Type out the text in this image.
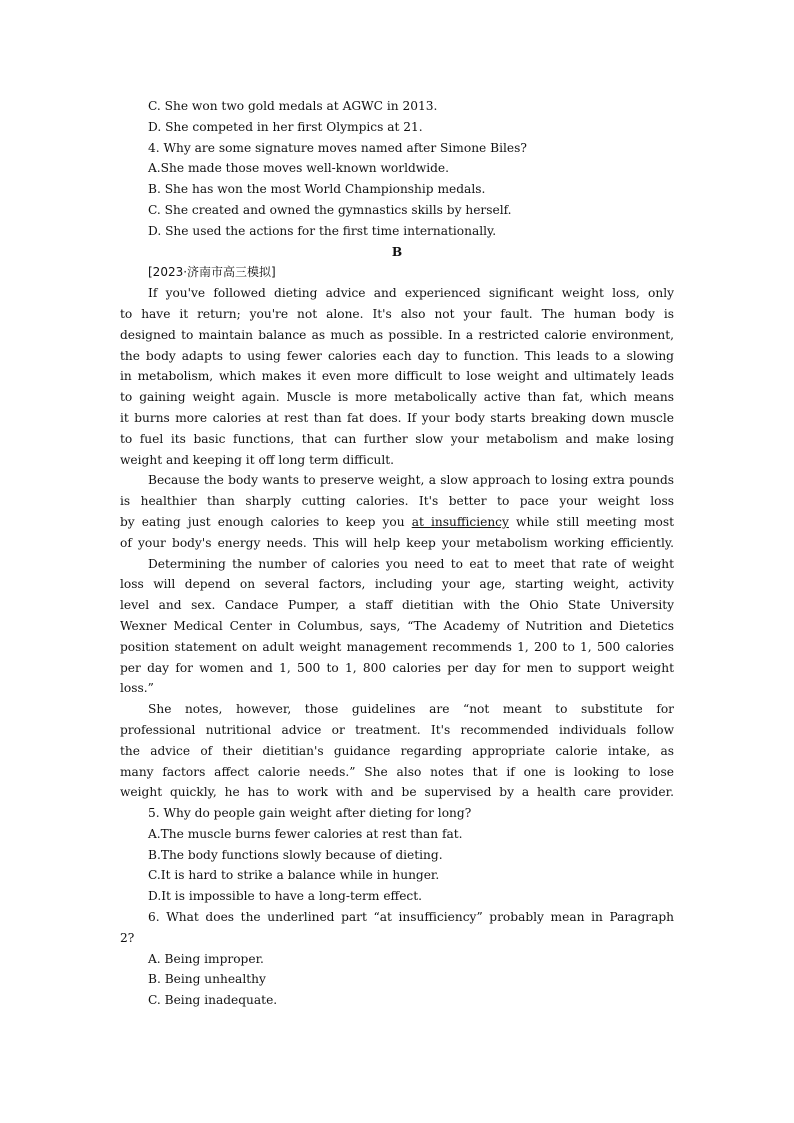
C. She won two gold medals at AGWC in 2013.
D. She competed in her first Olympics at 21.
4. Why are some signature moves named after Simone Biles?
A.She made those moves well-known worldwide.
B. She has won the most World Championship medals.
C. She created and owned the gymnastics skills by herself.
D. She used the actions for the first time internationally.
B
[2023·济南市高三模拟]
If you've followed dieting advice and experienced significant weight loss, only
to have it return; you're not alone. It's also not your fault. The human body is
designed to maintain balance as much as possible. In a restricted calorie environment,
the body adapts to using fewer calories each day to function. This leads to a slowing
in metabolism, which makes it even more difficult to lose weight and ultimately leads
to gaining weight again. Muscle is more metabolically active than fat, which means
it burns more calories at rest than fat does. If your body starts breaking down muscle
to fuel its basic functions, that can further slow your metabolism and make losing
weight and keeping it off long term difficult.
Because the body wants to preserve weight, a slow approach to losing extra pounds
is healthier than sharply cutting calories. It's better to pace your weight loss
by eating just enough calories to keep you at insufficiency while still meeting most
of your body's energy needs. This will help keep your metabolism working efficiently.
Determining the number of calories you need to eat to meet that rate of weight
loss will depend on several factors, including your age, starting weight, activity
level and sex. Candace Pumper, a staff dietitian with the Ohio State University
Wexner Medical Center in Columbus, says, “The Academy of Nutrition and Dietetics
position statement on adult weight management recommends 1, 200 to 1, 500 calories
per day for women and 1, 500 to 1, 800 calories per day for men to support weight
loss.”
She notes, however, those guidelines are “not meant to substitute for
professional nutritional advice or treatment. It's recommended individuals follow
the advice of their dietitian's guidance regarding appropriate calorie intake, as
many factors affect calorie needs.” She also notes that if one is looking to lose
weight quickly, he has to work with and be supervised by a health care provider.
5. Why do people gain weight after dieting for long?
A.The muscle burns fewer calories at rest than fat.
B.The body functions slowly because of dieting.
C.It is hard to strike a balance while in hunger.
D.It is impossible to have a long-term effect.
6. What does the underlined part “at insufficiency” probably mean in Paragraph
2?
A. Being improper.
B. Being unhealthy
C. Being inadequate.
